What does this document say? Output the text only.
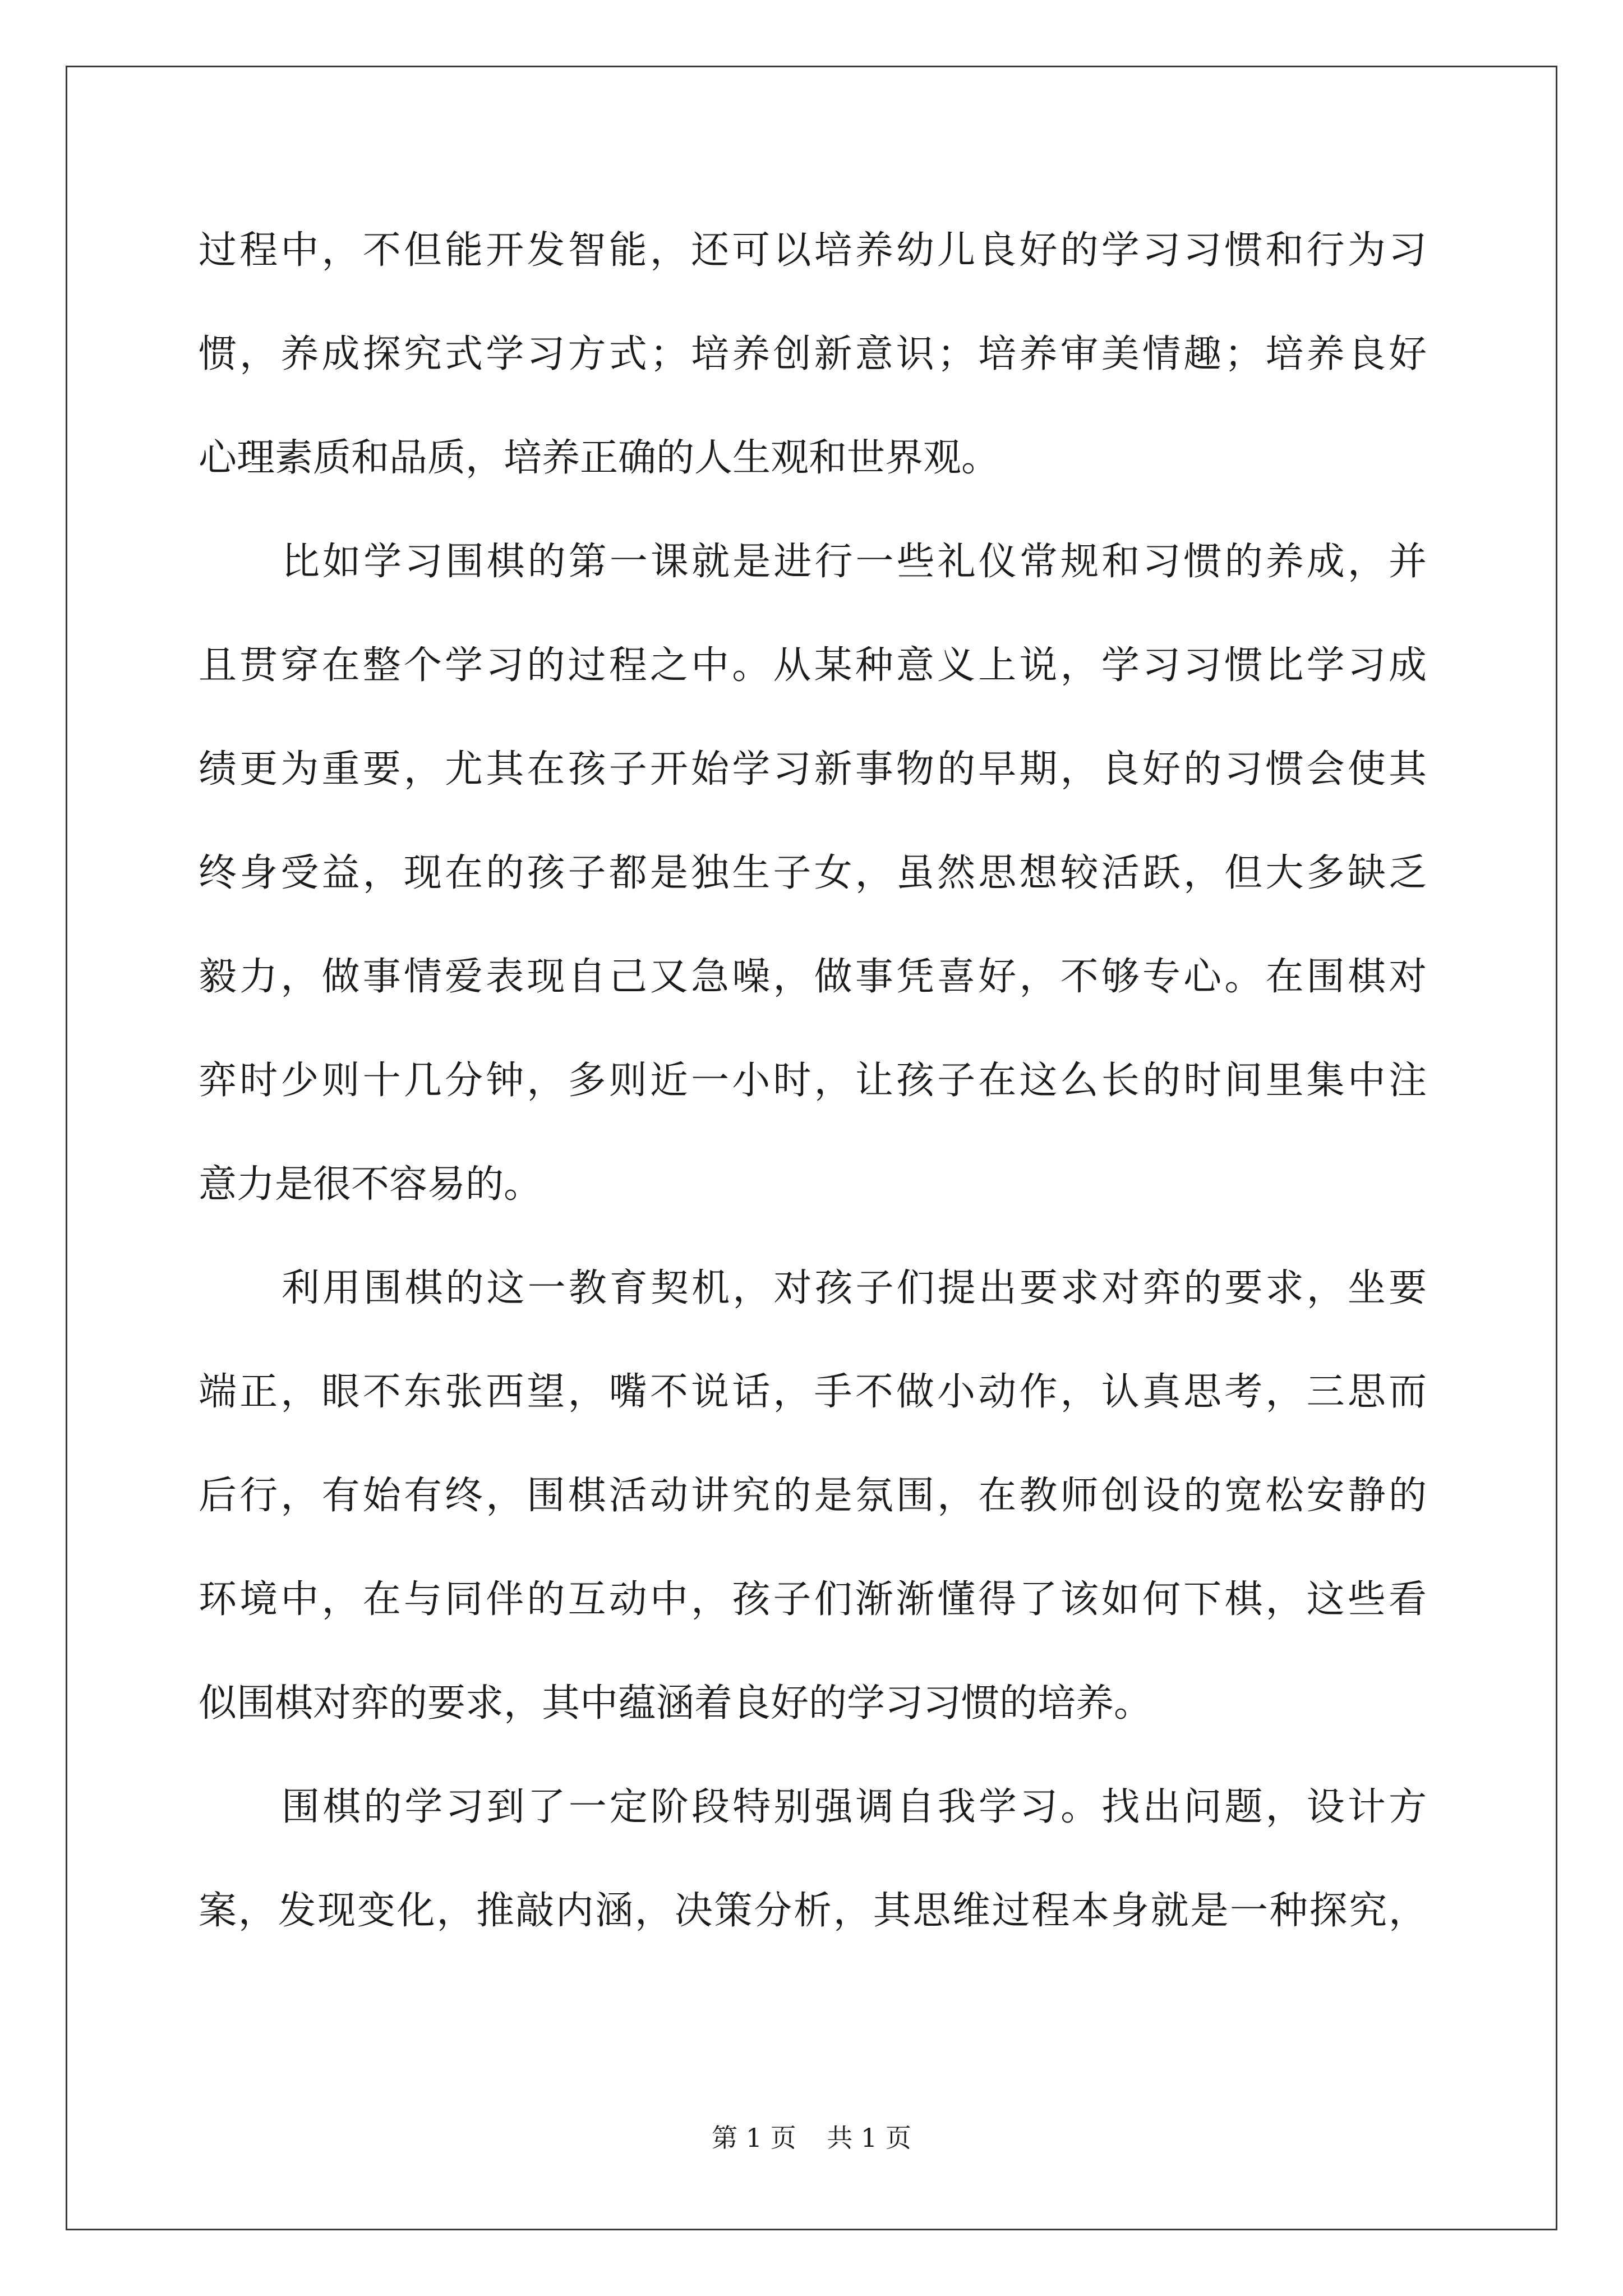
过程中，不但能开发智能，还可以培养幼儿良好的学习习惯和行为习
惯，养成探究式学习方式；培养创新意识；培养审美情趣；培养良好
心理素质和品质，培养正确的人生观和世界观。
比如学习围棋的第一课就是进行一些礼仪常规和习惯的养成，并
且贯穿在整个学习的过程之中。从某种意义上说，学习习惯比学习成
绩更为重要，尤其在孩子开始学习新事物的早期，良好的习惯会使其
终身受益，现在的孩子都是独生子女，虽然思想较活跃，但大多缺乏
毅力，做事情爱表现自己又急噪，做事凭喜好，不够专心。在围棋对
弈时少则十几分钟，多则近一小时，让孩子在这么长的时间里集中注
意力是很不容易的。
利用围棋的这一教育契机，对孩子们提出要求对弈的要求，坐要
端正，眼不东张西望，嘴不说话，手不做小动作，认真思考，三思而
后行，有始有终，围棋活动讲究的是氛围，在教师创设的宽松安静的
环境中，在与同伴的互动中，孩子们渐渐懂得了该如何下棋，这些看
似围棋对弈的要求，其中蕴涵着良好的学习习惯的培养。
围棋的学习到了一定阶段特别强调自我学习。找出问题，设计方
案，发现变化，推敲内涵，决策分析，其思维过程本身就是一种探究，
第 1 页 共 1 页
